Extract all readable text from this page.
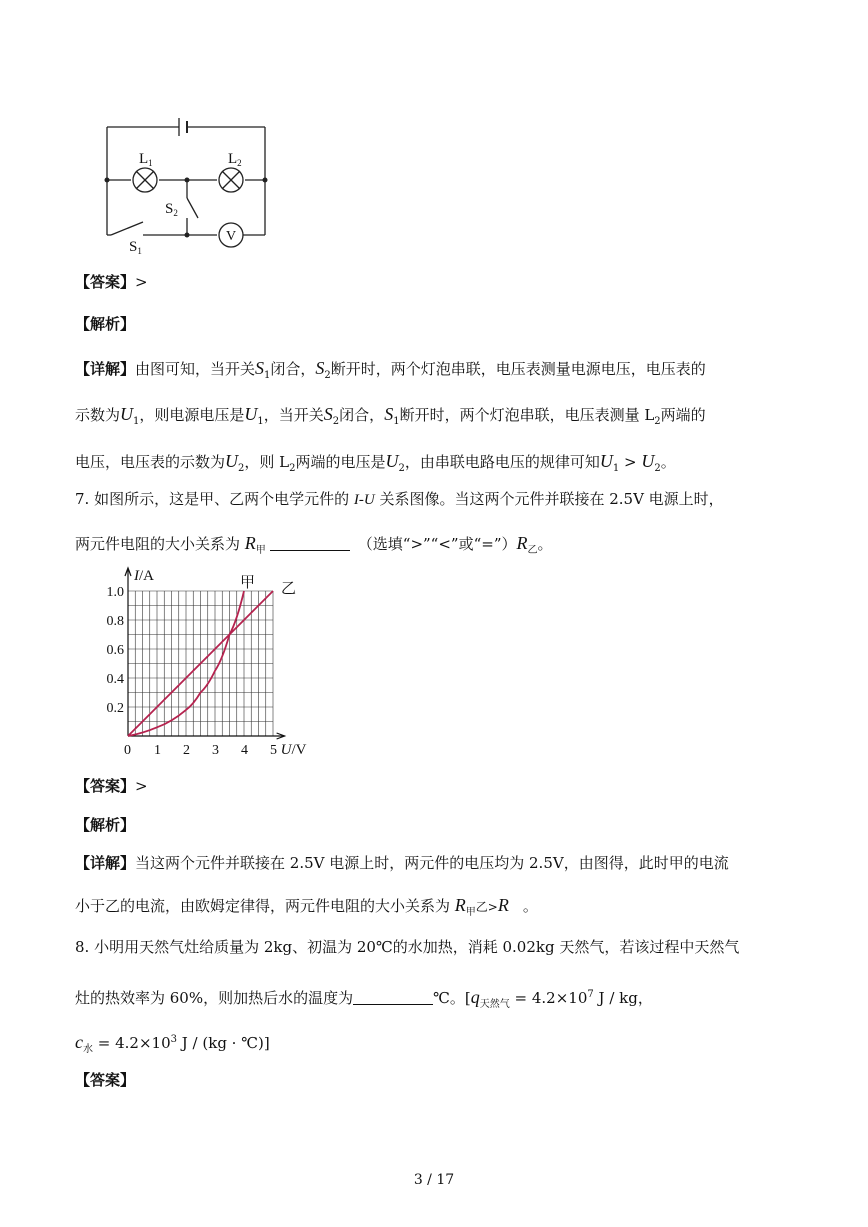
$L_1$	$L_2$
$S_2$
$S_1$
V
【答案】>
【解析】
【详解】由图可知，当开关$S_1$闭合，$S_2$断开时，两个灯泡串联，电压表测量电源电压，电压表的
示数为$U_1$，则电源电压是$U_1$，当开关$S_2$闭合，$S_1$断开时，两个灯泡串联，电压表测量 $L_2$两端的
电压，电压表的示数为$U_2$，则 $L_2$两端的电压是$U_2$，由串联电路电压的规律可知$U_1 > U_2$。
7. 如图所示，这是甲、乙两个电学元件的 I-U 关系图像。当这两个元件并联接在 2.5V 电源上时，
两元件电阻的大小关系为 $R_甲$	（选填“>”“<”或“$=”)R_乙$。
0 1 2 3 4 5
0.2
0.4
0.6
0.8
1.0
I/A
U/V
甲 乙
【答案】>
【解析】
【详解】当这两个元件并联接在 2.5V 电源上时，两元件的电压均为 2.5V，由图得，此时甲的电流
小于乙的电流，由欧姆定律得，两元件电阻的大小关系为 $R_甲$乙>R 。
8. 小明用天然气灶给质量为 2kg、初温为 20℃的水加热，消耗 0.02kg 天然气，若该过程中天然气
灶的热效率为 60%，则加热后水的温度为	℃。[$q_{天然气} = 4.2\times 10^7$ J / kg，
$c_水 = 4.2\times 10^3$ J / (kg · ℃)]
【答案】
3 / 17
